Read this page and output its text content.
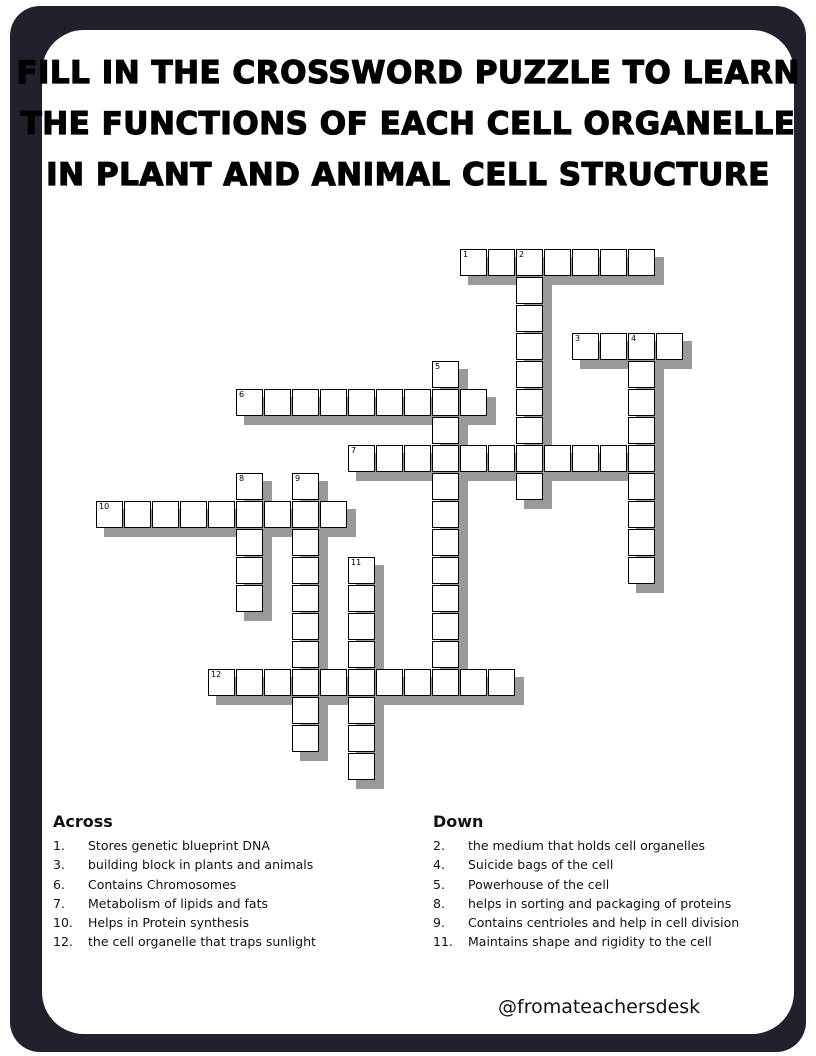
FILL IN THE CROSSWORD PUZZLE TO LEARN
THE FUNCTIONS OF EACH CELL ORGANELLE
IN PLANT AND ANIMAL CELL STRUCTURE
1	2
3	4
5
6
7
8	9
10
11
12
Across
1. Stores genetic blueprint DNA
3. building block in plants and animals
6. Contains Chromosomes
7. Metabolism of lipids and fats
10. Helps in Protein synthesis
12. the cell organelle that traps sunlight
Down
2. the medium that holds cell organelles
4. Suicide bags of the cell
5. Powerhouse of the cell
8. helps in sorting and packaging of proteins
9. Contains centrioles and help in cell division
11. Maintains shape and rigidity to the cell
@fromateachersdesk
